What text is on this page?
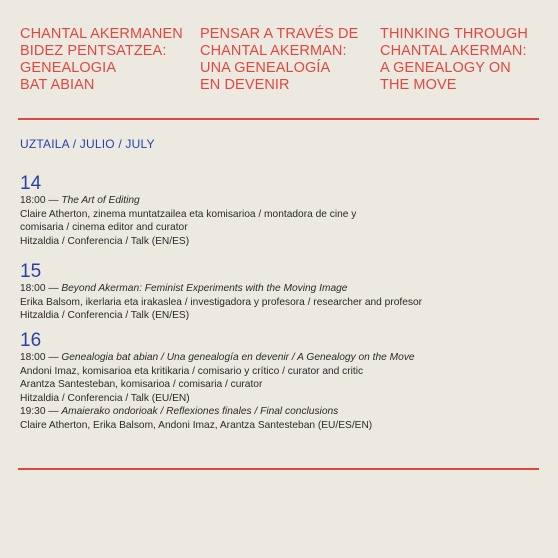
CHANTAL AKERMANEN
BIDEZ PENTSATZEA:
GENEALOGIA
BAT ABIAN
PENSAR A TRAVÉS DE
CHANTAL AKERMAN:
UNA GENEALOGÍA
EN DEVENIR
THINKING THROUGH
CHANTAL AKERMAN:
A GENEALOGY ON
THE MOVE
UZTAILA / JULIO / JULY
14
18:00 — The Art of Editing
Claire Atherton, zinema muntatzailea eta komisarioa / montadora de cine y
comisaria / cinema editor and curator
Hitzaldia / Conferencia / Talk (EN/ES)
15
18:00 — Beyond Akerman: Feminist Experiments with the Moving Image
Erika Balsom, ikerlaria eta irakaslea / investigadora y profesora / researcher and profesor
Hitzaldia / Conferencia / Talk (EN/ES)
16
18:00 — Genealogia bat abian / Una genealogía en devenir / A Genealogy on the Move
Andoni Imaz, komisarioa eta kritikaria / comisario y crítico / curator and critic
Arantza Santesteban, komisarioa / comisaria / curator
Hitzaldia / Conferencia / Talk (EU/EN)
19:30 — Amaierako ondorioak / Reflexiones finales / Final conclusions
Claire Atherton, Erika Balsom, Andoni Imaz, Arantza Santesteban (EU/ES/EN)
